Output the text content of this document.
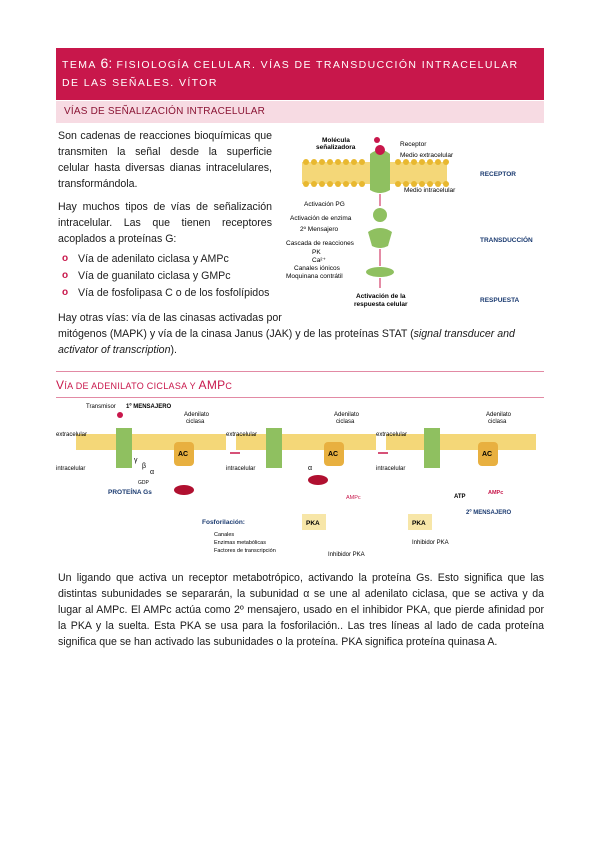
TEMA 6: FISIOLOGÍA CELULAR. VÍAS DE TRANSDUCCIÓN INTRACELULAR DE LAS SEÑALES. VÍTOR
VÍAS DE SEÑALIZACIÓN INTRACELULAR
Son cadenas de reacciones bioquímicas que transmiten la señal desde la superficie celular hasta diversas dianas intracelulares, transformándola.
Hay muchos tipos de vías de señalización intracelular. Las que tienen receptores acoplados a proteínas G:
o Vía de adenilato ciclasa y AMPc
o Vía de guanilato ciclasa y GMPc
o Vía de fosfolipasa C o de los fosfolípidos
Hay otras vías: vía de las cinasas activadas por
mitógenos (MAPK) y vía de la cinasa Janus (JAK) y de las proteínas STAT (signal transducer and activator of transcription).
Molécula
señalizadora	Receptor
Medio extracelular
Medio intracelular
Activación PG
Activación de enzima
2º Mensajero
Cascada de reacciones
PK
Ca²⁺
Canales iónicos
Moquinana contrátil
Activación de la
respuesta celular
RECEPTOR
TRANSDUCCIÓN
RESPUESTA
VÍA DE ADENILATO CICLASA Y AMPC
Transmisor 1º MENSAJERO
extracelular
intracelular
Adenilato
ciclasa
AC
γ
β
α
GDP
PROTEÍNA Gs
extracelular
intracelular
Adenilato
ciclasa
AC
α
extracelular
intracelular
Adenilato
ciclasa
AC
ATP
AMPc
2º MENSAJERO
PKA
Inhibidor PKA
PKA
AMPc
Inhibidor PKA
Fosforilación:
Canales
Enzimas metabólicas
Factores de transcripción
Un ligando que activa un receptor metabotrópico, activando la proteína Gs. Esto significa que las distintas subunidades se separarán, la subunidad α se une al adenilato ciclasa, que se activa y da lugar al AMPc. El AMPc actúa como 2º mensajero, usado en el inhibidor PKA, que pierde afinidad por la PKA y la suelta. Esta PKA se usa para la fosforilación.. Las tres líneas al lado de cada proteína significa que se han activado las subunidades o la proteína. PKA significa proteína quinasa A.
